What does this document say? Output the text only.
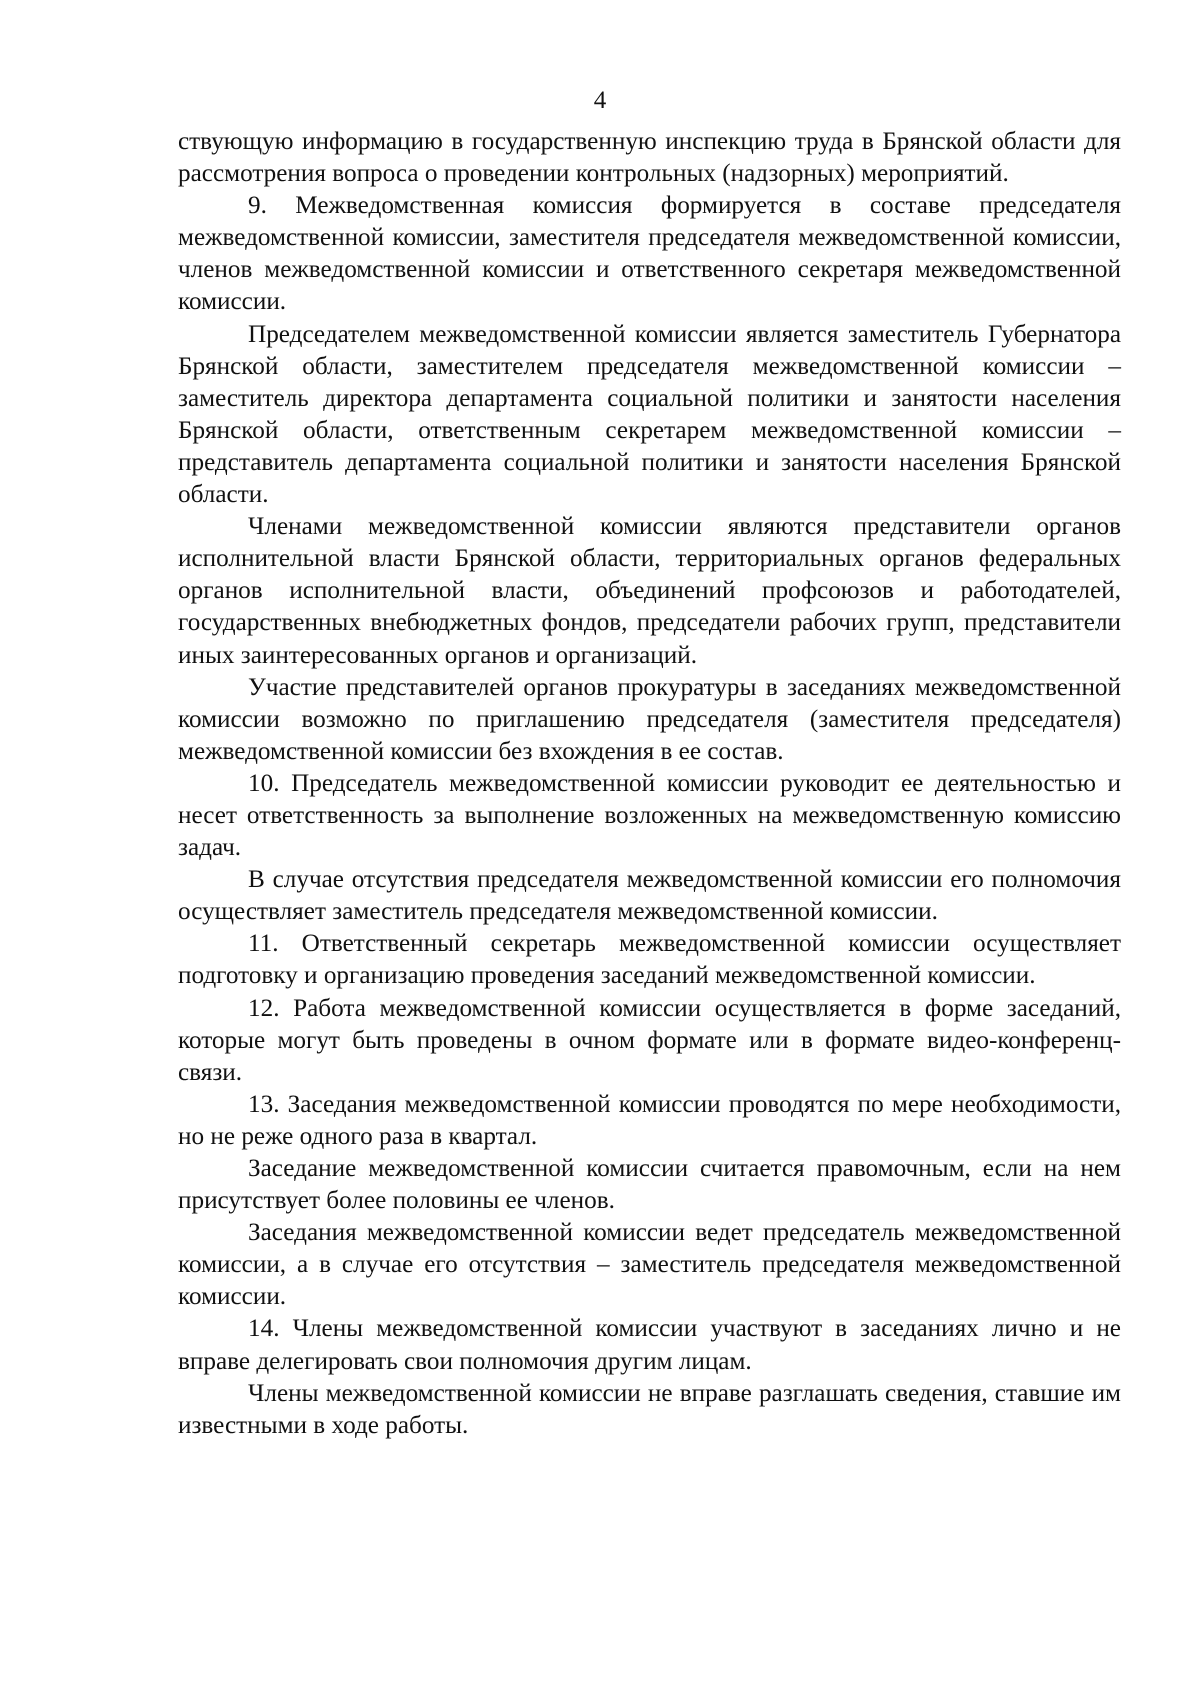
4

ствующую информацию в государственную инспекцию труда в Брянской области для рассмотрения вопроса о проведении контрольных (надзорных) мероприятий.

9. Межведомственная комиссия формируется в составе председателя межведомственной комиссии, заместителя председателя межведомственной комиссии, членов межведомственной комиссии и ответственного секретаря межведомственной комиссии.

Председателем межведомственной комиссии является заместитель Губернатора Брянской области, заместителем председателя межведомственной комиссии – заместитель директора департамента социальной политики и занятости населения Брянской области, ответственным секретарем межведомственной комиссии – представитель департамента социальной политики и занятости населения Брянской области.

Членами межведомственной комиссии являются представители органов исполнительной власти Брянской области, территориальных органов федеральных органов исполнительной власти, объединений профсоюзов и работодателей, государственных внебюджетных фондов, председатели рабочих групп, представители иных заинтересованных органов и организаций.

Участие представителей органов прокуратуры в заседаниях межведомственной комиссии возможно по приглашению председателя (заместителя председателя) межведомственной комиссии без вхождения в ее состав.

10. Председатель межведомственной комиссии руководит ее деятельностью и несет ответственность за выполнение возложенных на межведомственную комиссию задач.

В случае отсутствия председателя межведомственной комиссии его полномочия осуществляет заместитель председателя межведомственной комиссии.

11. Ответственный секретарь межведомственной комиссии осуществляет подготовку и организацию проведения заседаний межведомственной комиссии.

12. Работа межведомственной комиссии осуществляется в форме заседаний, которые могут быть проведены в очном формате или в формате видео-конференц-связи.

13. Заседания межведомственной комиссии проводятся по мере необходимости, но не реже одного раза в квартал.

Заседание межведомственной комиссии считается правомочным, если на нем присутствует более половины ее членов.

Заседания межведомственной комиссии ведет председатель межведомственной комиссии, а в случае его отсутствия – заместитель председателя межведомственной комиссии.

14. Члены межведомственной комиссии участвуют в заседаниях лично и не вправе делегировать свои полномочия другим лицам.

Члены межведомственной комиссии не вправе разглашать сведения, ставшие им известными в ходе работы.
